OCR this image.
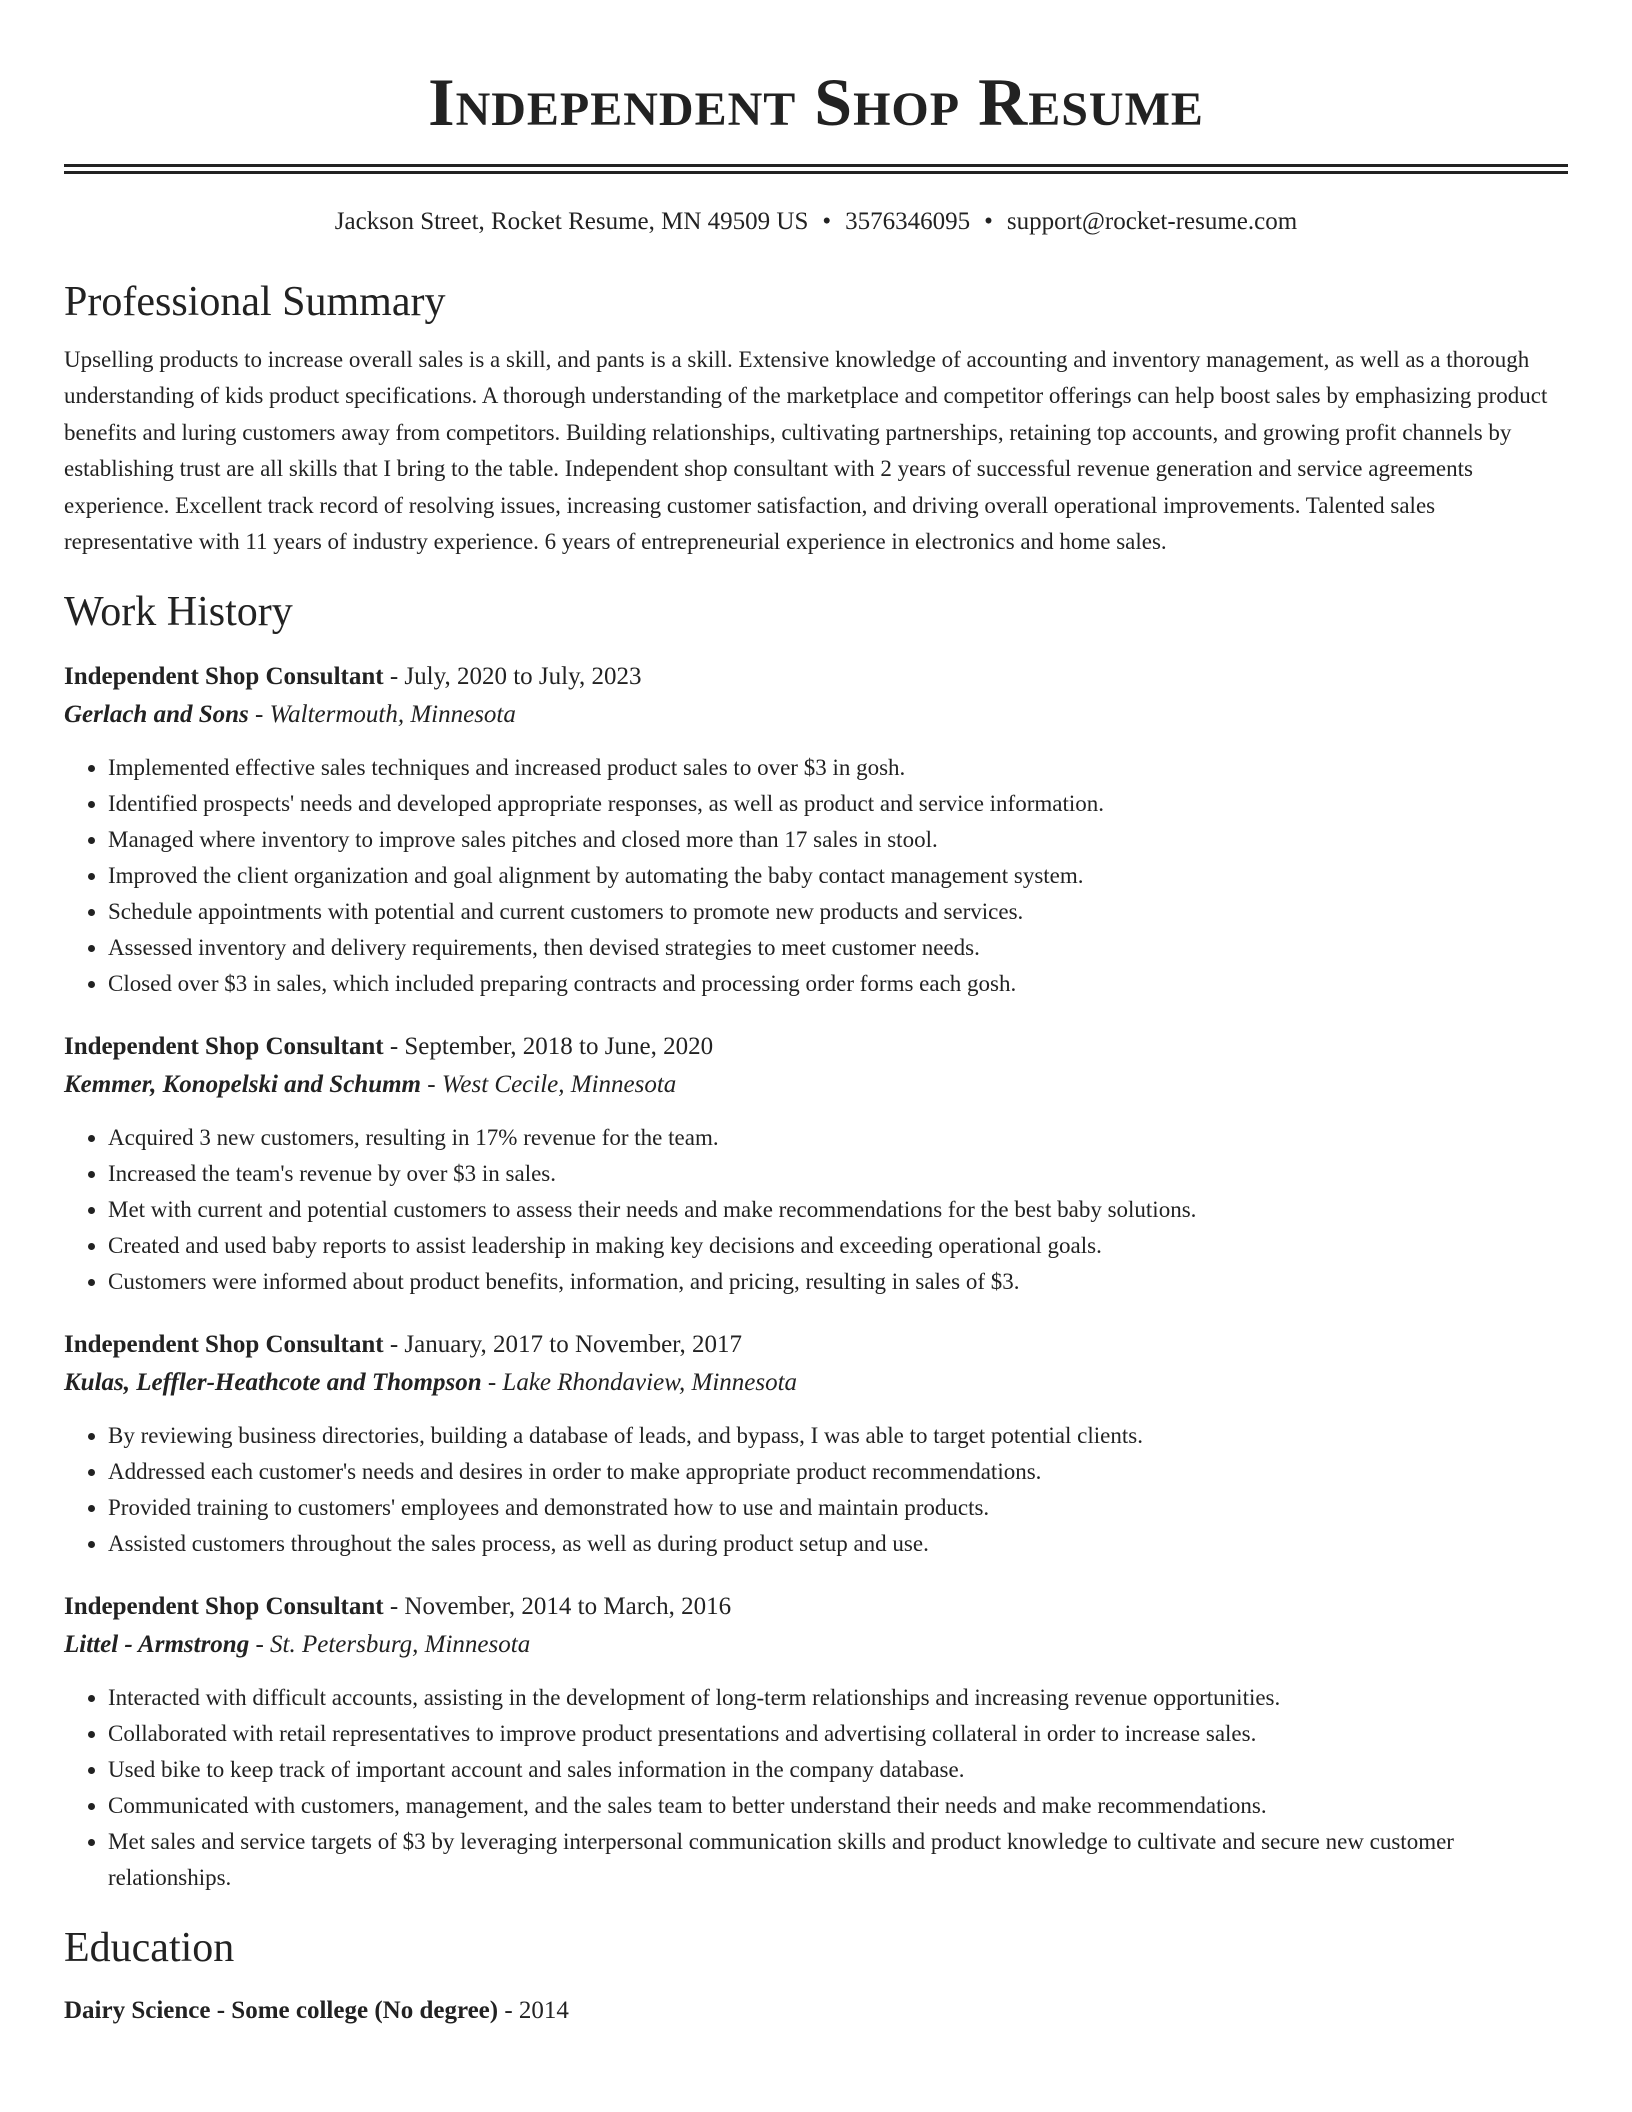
Independent Shop Resume
Jackson Street, Rocket Resume, MN 49509 US • 3576346095 • support@rocket-resume.com
Professional Summary

Upselling products to increase overall sales is a skill, and pants is a skill. Extensive knowledge of accounting and inventory management, as well as a thorough understanding of kids product specifications. A thorough understanding of the marketplace and competitor offerings can help boost sales by emphasizing product benefits and luring customers away from competitors. Building relationships, cultivating partnerships, retaining top accounts, and growing profit channels by establishing trust are all skills that I bring to the table. Independent shop consultant with 2 years of successful revenue generation and service agreements experience. Excellent track record of resolving issues, increasing customer satisfaction, and driving overall operational improvements. Talented sales representative with 11 years of industry experience. 6 years of entrepreneurial experience in electronics and home sales.

Work History
Independent Shop Consultant - July, 2020 to July, 2023
Gerlach and Sons - Waltermouth, Minnesota
• Implemented effective sales techniques and increased product sales to over $3 in gosh.
• Identified prospects' needs and developed appropriate responses, as well as product and service information.
• Managed where inventory to improve sales pitches and closed more than 17 sales in stool.
• Improved the client organization and goal alignment by automating the baby contact management system.
• Schedule appointments with potential and current customers to promote new products and services.
• Assessed inventory and delivery requirements, then devised strategies to meet customer needs.
• Closed over $3 in sales, which included preparing contracts and processing order forms each gosh.
Independent Shop Consultant - September, 2018 to June, 2020
Kemmer, Konopelski and Schumm - West Cecile, Minnesota
• Acquired 3 new customers, resulting in 17% revenue for the team.
• Increased the team's revenue by over $3 in sales.
• Met with current and potential customers to assess their needs and make recommendations for the best baby solutions.
• Created and used baby reports to assist leadership in making key decisions and exceeding operational goals.
• Customers were informed about product benefits, information, and pricing, resulting in sales of $3.
Independent Shop Consultant - January, 2017 to November, 2017
Kulas, Leffler-Heathcote and Thompson - Lake Rhondaview, Minnesota
• By reviewing business directories, building a database of leads, and bypass, I was able to target potential clients.
• Addressed each customer's needs and desires in order to make appropriate product recommendations.
• Provided training to customers' employees and demonstrated how to use and maintain products.
• Assisted customers throughout the sales process, as well as during product setup and use.
Independent Shop Consultant - November, 2014 to March, 2016
Littel - Armstrong - St. Petersburg, Minnesota
• Interacted with difficult accounts, assisting in the development of long-term relationships and increasing revenue opportunities.
• Collaborated with retail representatives to improve product presentations and advertising collateral in order to increase sales.
• Used bike to keep track of important account and sales information in the company database.
• Communicated with customers, management, and the sales team to better understand their needs and make recommendations.
• Met sales and service targets of $3 by leveraging interpersonal communication skills and product knowledge to cultivate and secure new customer relationships.
Education
Dairy Science - Some college (No degree) - 2014
